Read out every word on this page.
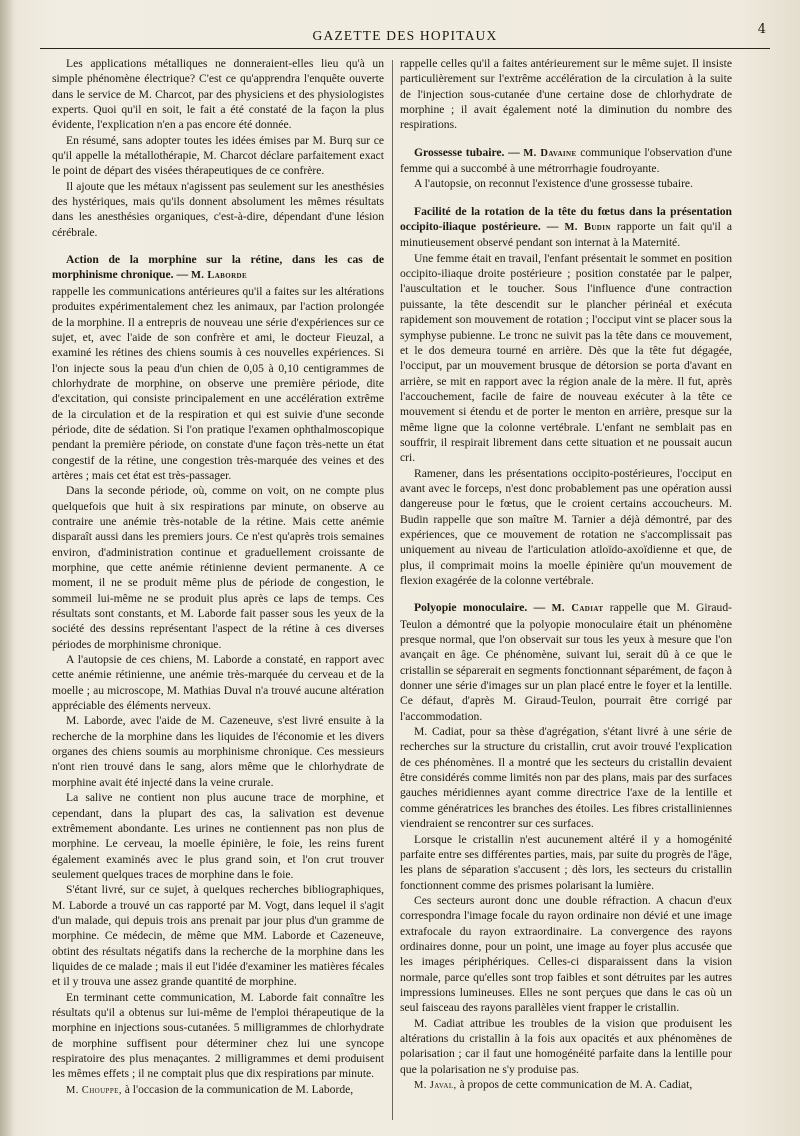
GAZETTE DES HOPITAUX	4

Les applications métalliques ne donneraient-elles lieu qu'à un simple phénomène électrique? C'est ce qu'apprendra l'enquête ouverte dans le service de M. Charcot, par des physiciens et des physiologistes experts. Quoi qu'il en soit, le fait a été constaté de la façon la plus évidente, l'explication n'en a pas encore été donnée.

En résumé, sans adopter toutes les idées émises par M. Burq sur ce qu'il appelle la métallothérapie, M. Charcot déclare parfaitement exact le point de départ des visées thérapeutiques de ce confrère.

Il ajoute que les métaux n'agissent pas seulement sur les anesthésies des hystériques, mais qu'ils donnent absolument les mêmes résultats dans les anesthésies organiques, c'est-à-dire, dépendant d'une lésion cérébrale.

Action de la morphine sur la rétine, dans les cas de morphinisme chronique. — M. Laborde

rappelle les communications antérieures qu'il a faites sur les altérations produites expérimentalement chez les animaux, par l'action prolongée de la morphine. Il a entrepris de nouveau une série d'expériences sur ce sujet, et, avec l'aide de son confrère et ami, le docteur Fieuzal, a examiné les rétines des chiens soumis à ces nouvelles expériences. Si l'on injecte sous la peau d'un chien de 0,05 à 0,10 centigrammes de chlorhydrate de morphine, on observe une première période, dite d'excitation, qui consiste principalement en une accélération extrême de la circulation et de la respiration et qui est suivie d'une seconde période, dite de sédation. Si l'on pratique l'examen ophthalmoscopique pendant la première période, on constate d'une façon très-nette un état congestif de la rétine, une congestion très-marquée des veines et des artères ; mais cet état est très-passager.

Dans la seconde période, où, comme on voit, on ne compte plus quelquefois que huit à six respirations par minute, on observe au contraire une anémie très-notable de la rétine. Mais cette anémie disparaît aussi dans les premiers jours. Ce n'est qu'après trois semaines environ, d'administration continue et graduellement croissante de morphine, que cette anémie rétinienne devient permanente. A ce moment, il ne se produit même plus de période de congestion, le sommeil lui-même ne se produit plus après ce laps de temps. Ces résultats sont constants, et M. Laborde fait passer sous les yeux de la société des dessins représentant l'aspect de la rétine à ces diverses périodes de morphinisme chronique.

A l'autopsie de ces chiens, M. Laborde a constaté, en rapport avec cette anémie rétinienne, une anémie très-marquée du cerveau et de la moelle ; au microscope, M. Mathias Duval n'a trouvé aucune altération appréciable des éléments nerveux.

M. Laborde, avec l'aide de M. Cazeneuve, s'est livré ensuite à la recherche de la morphine dans les liquides de l'économie et les divers organes des chiens soumis au morphinisme chronique. Ces messieurs n'ont rien trouvé dans le sang, alors même que le chlorhydrate de morphine avait été injecté dans la veine crurale.

La salive ne contient non plus aucune trace de morphine, et cependant, dans la plupart des cas, la salivation est devenue extrêmement abondante. Les urines ne contiennent pas non plus de morphine. Le cerveau, la moelle épinière, le foie, les reins furent également examinés avec le plus grand soin, et l'on crut trouver seulement quelques traces de morphine dans le foie.

S'étant livré, sur ce sujet, à quelques recherches bibliographiques, M. Laborde a trouvé un cas rapporté par M. Vogt, dans lequel il s'agit d'un malade, qui depuis trois ans prenait par jour plus d'un gramme de morphine. Ce médecin, de même que MM. Laborde et Cazeneuve, obtint des résultats négatifs dans la recherche de la morphine dans les liquides de ce malade ; mais il eut l'idée d'examiner les matières fécales et il y trouva une assez grande quantité de morphine.

En terminant cette communication, M. Laborde fait connaître les résultats qu'il a obtenus sur lui-même de l'emploi thérapeutique de la morphine en injections sous-cutanées. 5 milligrammes de chlorhydrate de morphine suffisent pour déterminer chez lui une syncope respiratoire des plus menaçantes. 2 milligrammes et demi produisent les mêmes effets ; il ne comptait plus que dix respirations par minute.

M. Chouppe, à l'occasion de la communication de M. Laborde,

rappelle celles qu'il a faites antérieurement sur le même sujet. Il insiste particulièrement sur l'extrême accélération de la circulation à la suite de l'injection sous-cutanée d'une certaine dose de chlorhydrate de morphine ; il avait également noté la diminution du nombre des respirations.

Grossesse tubaire. — M. Davaine communique l'observation d'une femme qui a succombé à une métrorrhagie foudroyante.

A l'autopsie, on reconnut l'existence d'une grossesse tubaire.

Facilité de la rotation de la tête du fœtus dans la présentation occipito-iliaque postérieure. — M. Budin rapporte un fait qu'il a minutieusement observé pendant son internat à la Maternité.

Une femme était en travail, l'enfant présentait le sommet en position occipito-iliaque droite postérieure ; position constatée par le palper, l'auscultation et le toucher. Sous l'influence d'une contraction puissante, la tête descendit sur le plancher périnéal et exécuta rapidement son mouvement de rotation ; l'occiput vint se placer sous la symphyse pubienne. Le tronc ne suivit pas la tête dans ce mouvement, et le dos demeura tourné en arrière. Dès que la tête fut dégagée, l'occiput, par un mouvement brusque de détorsion se porta d'avant en arrière, se mit en rapport avec la région anale de la mère. Il fut, après l'accouchement, facile de faire de nouveau exécuter à la tête ce mouvement si étendu et de porter le menton en arrière, presque sur la même ligne que la colonne vertébrale. L'enfant ne semblait pas en souffrir, il respirait librement dans cette situation et ne poussait aucun cri.

Ramener, dans les présentations occipito-postérieures, l'occiput en avant avec le forceps, n'est donc probablement pas une opération aussi dangereuse pour le fœtus, que le croient certains accoucheurs. M. Budin rappelle que son maître M. Tarnier a déjà démontré, par des expériences, que ce mouvement de rotation ne s'accomplissait pas uniquement au niveau de l'articulation atloïdo-axoïdienne et que, de plus, il comprimait moins la moelle épinière qu'un mouvement de flexion exagérée de la colonne vertébrale.

Polyopie monoculaire. — M. Cadiat rappelle que M. Giraud-Teulon a démontré que la polyopie monoculaire était un phénomène presque normal, que l'on observait sur tous les yeux à mesure que l'on avançait en âge. Ce phénomène, suivant lui, serait dû à ce que le cristallin se séparerait en segments fonctionnant séparément, de façon à donner une série d'images sur un plan placé entre le foyer et la lentille. Ce défaut, d'après M. Giraud-Teulon, pourrait être corrigé par l'accommodation.

M. Cadiat, pour sa thèse d'agrégation, s'étant livré à une série de recherches sur la structure du cristallin, crut avoir trouvé l'explication de ces phénomènes. Il a montré que les secteurs du cristallin devaient être considérés comme limités non par des plans, mais par des surfaces gauches méridiennes ayant comme directrice l'axe de la lentille et comme génératrices les branches des étoiles. Les fibres cristalliniennes viendraient se rencontrer sur ces surfaces.

Lorsque le cristallin n'est aucunement altéré il y a homogénité parfaite entre ses différentes parties, mais, par suite du progrès de l'âge, les plans de séparation s'accusent ; dès lors, les secteurs du cristallin fonctionnent comme des prismes polarisant la lumière.

Ces secteurs auront donc une double réfraction. A chacun d'eux correspondra l'image focale du rayon ordinaire non dévié et une image extrafocale du rayon extraordinaire. La convergence des rayons ordinaires donne, pour un point, une image au foyer plus accusée que les images périphériques. Celles-ci disparaissent dans la vision normale, parce qu'elles sont trop faibles et sont détruites par les autres impressions lumineuses. Elles ne sont perçues que dans le cas où un seul faisceau des rayons parallèles vient frapper le cristallin.

M. Cadiat attribue les troubles de la vision que produisent les altérations du cristallin à la fois aux opacités et aux phénomènes de polarisation ; car il faut une homogénéité parfaite dans la lentille pour que la polarisation ne s'y produise pas.

M. Javal, à propos de cette communication de M. A. Cadiat,
